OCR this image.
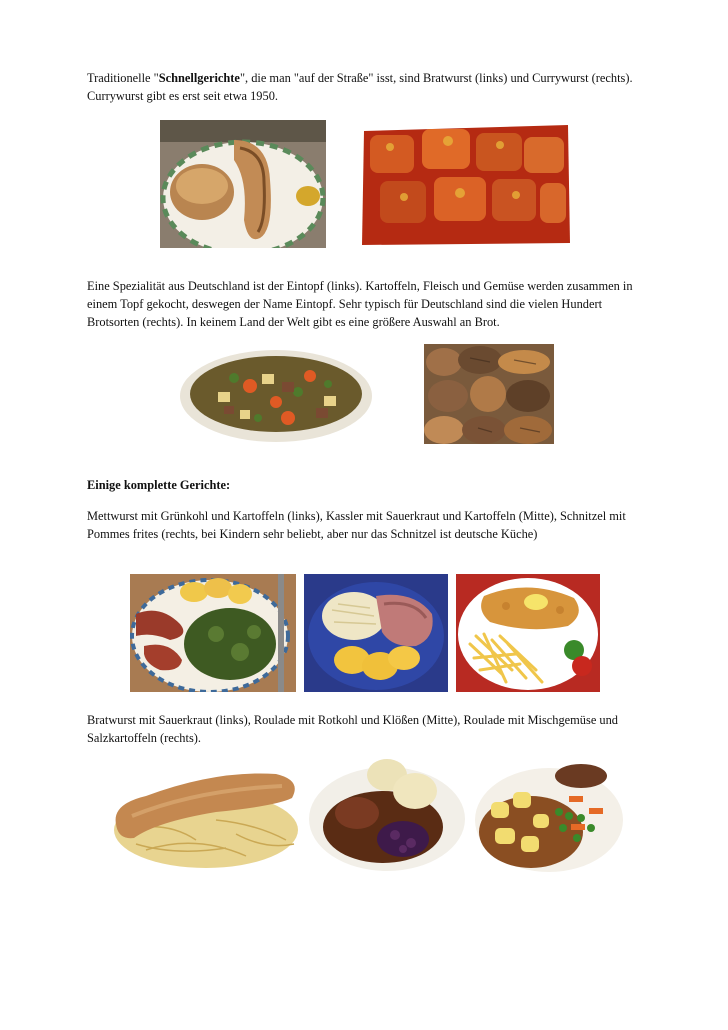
Traditionelle "Schnellgerichte", die man "auf der Straße" isst, sind Bratwurst (links) und Currywurst (rechts). Currywurst gibt es erst seit etwa 1950.

Eine Spezialität aus Deutschland ist der Eintopf (links). Kartoffeln, Fleisch und Gemüse werden zusammen in einem Topf gekocht, deswegen der Name Eintopf. Sehr typisch für Deutschland sind die vielen Hundert Brotsorten (rechts). In keinem Land der Welt gibt es eine größere Auswahl an Brot.

Einige komplette Gerichte:

Mettwurst mit Grünkohl und Kartoffeln (links), Kassler mit Sauerkraut und Kartoffeln (Mitte), Schnitzel mit Pommes frites (rechts, bei Kindern sehr beliebt, aber nur das Schnitzel ist deutsche Küche)

Bratwurst mit Sauerkraut (links), Roulade mit Rotkohl und Klößen (Mitte), Roulade mit Mischgemüse und Salzkartoffeln (rechts).
